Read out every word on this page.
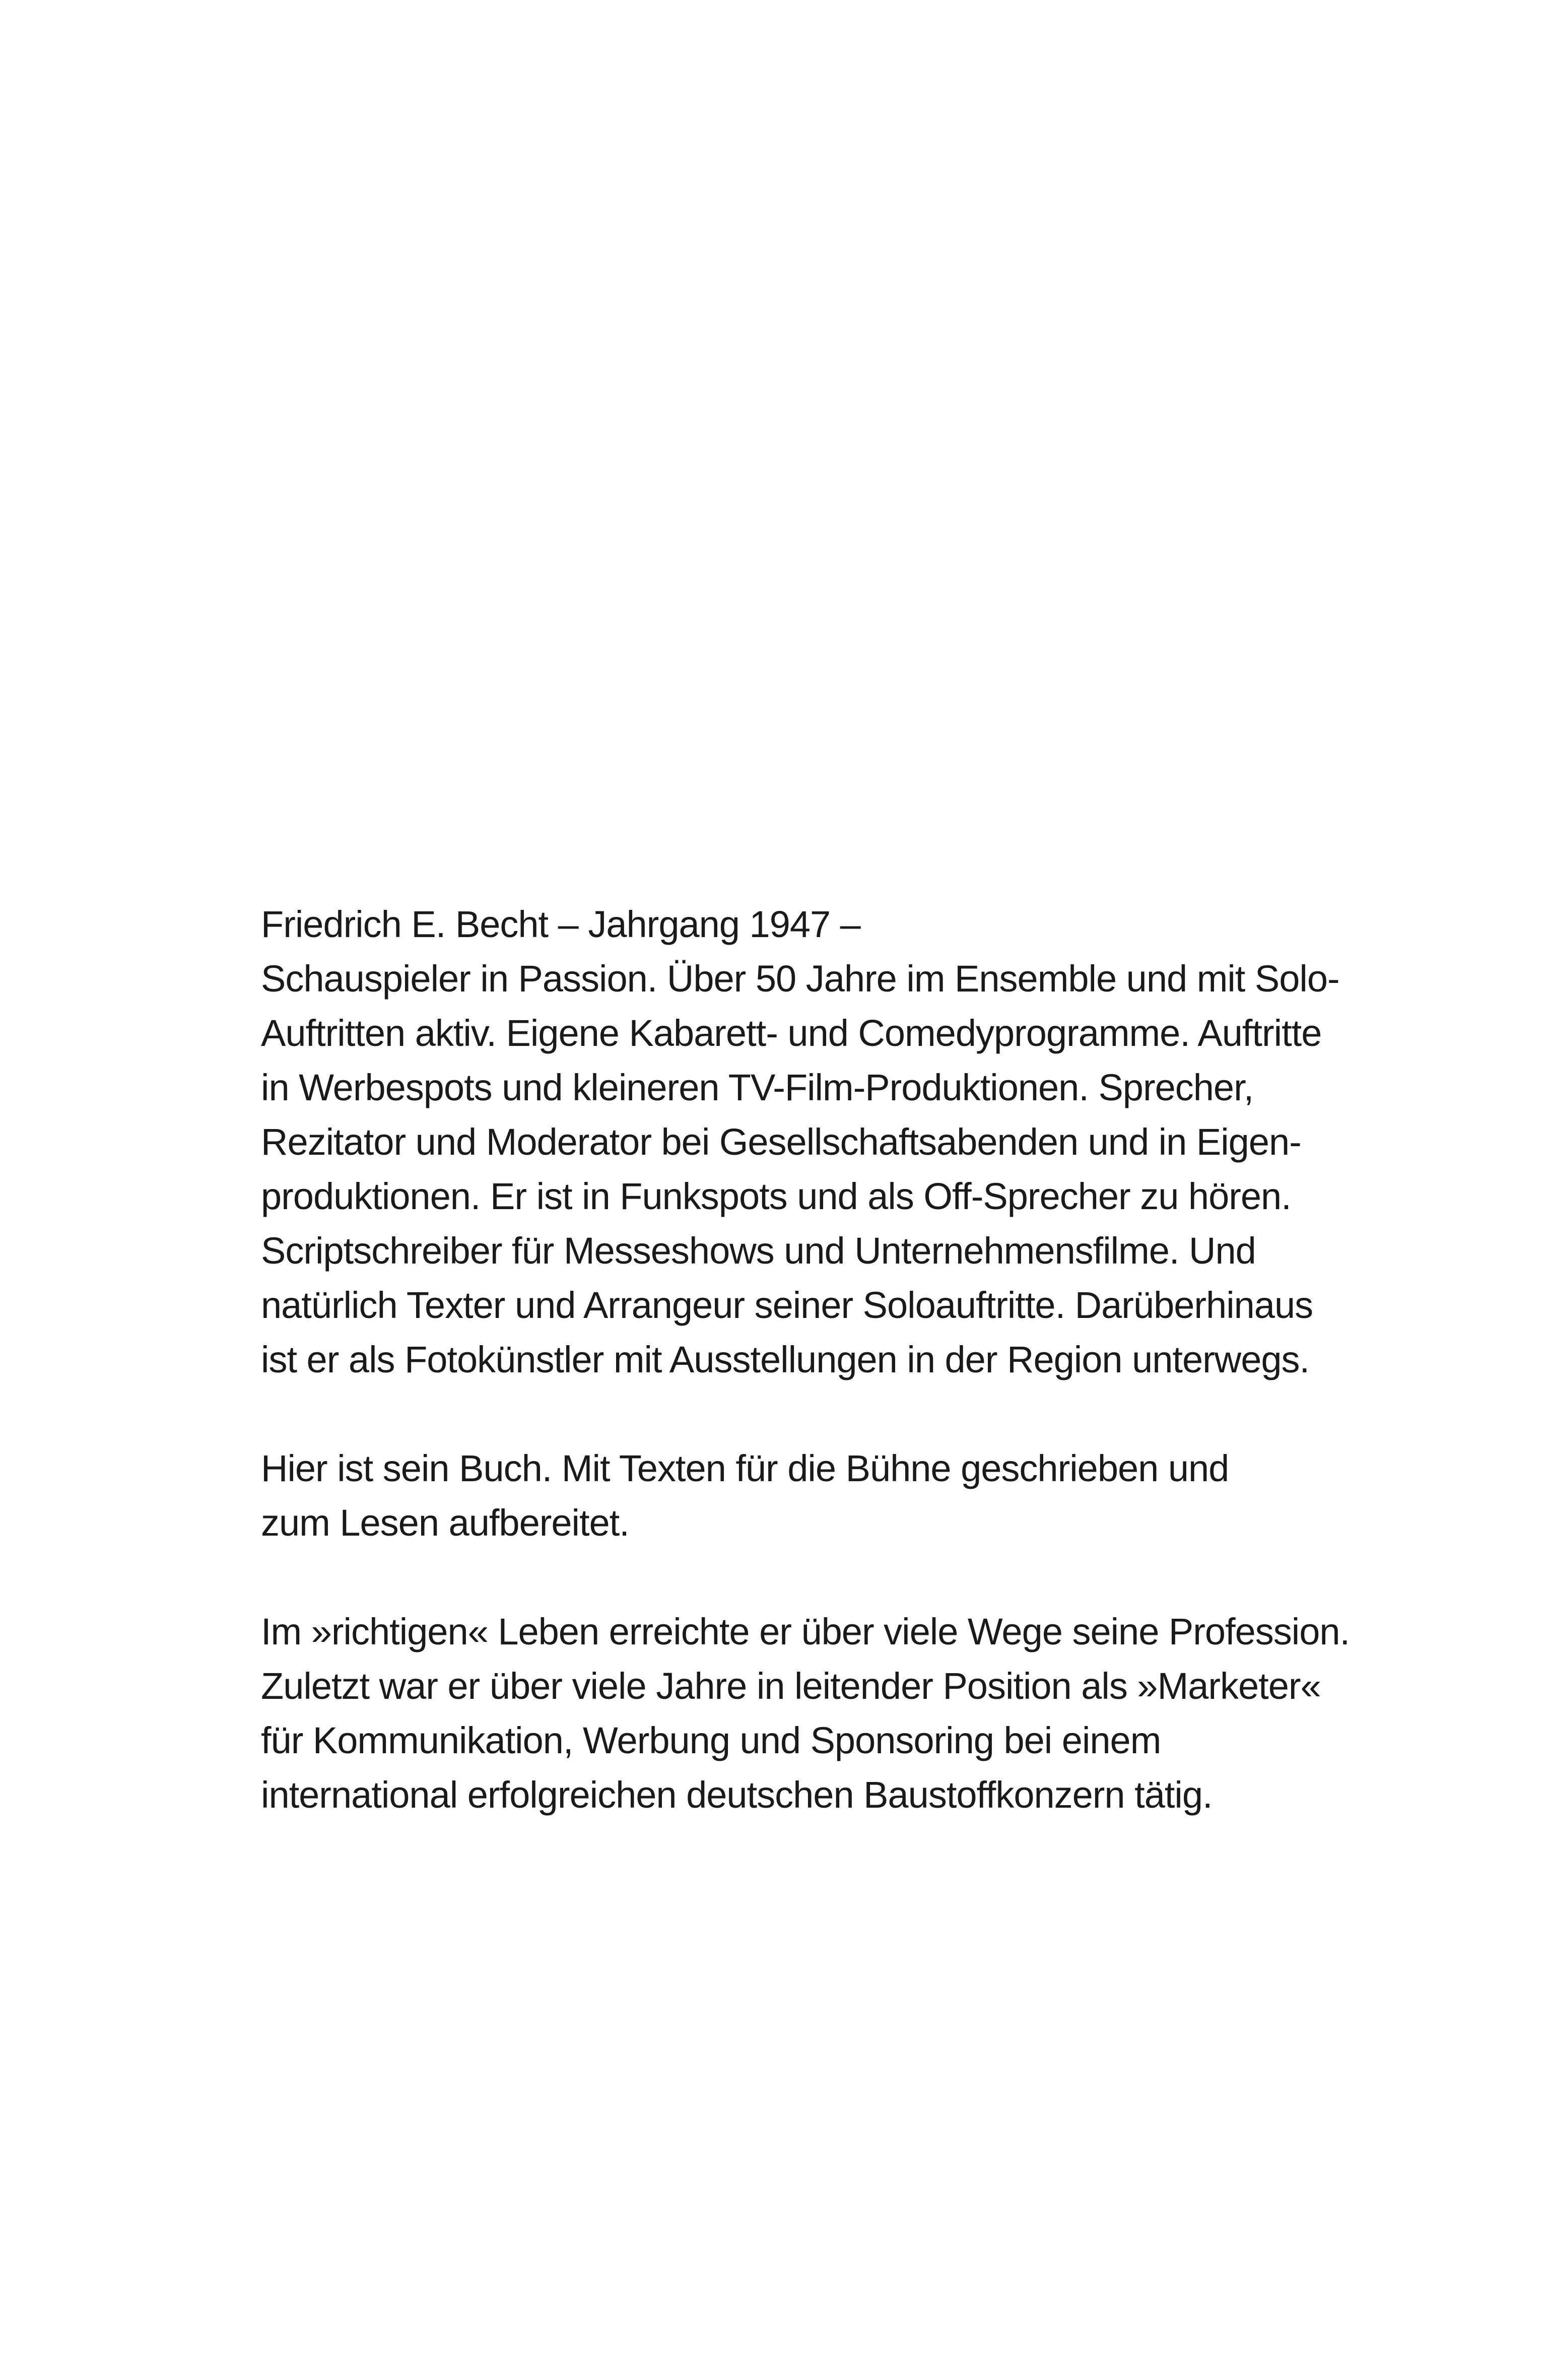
Friedrich E. Becht – Jahrgang 1947 –
Schauspieler in Passion. Über 50 Jahre im Ensemble und mit Solo-
Auftritten aktiv. Eigene Kabarett- und Comedyprogramme. Auftritte
in Werbespots und kleineren TV-Film-Produktionen. Sprecher,
Rezitator und Moderator bei Gesellschaftsabenden und in Eigen-
produktionen. Er ist in Funkspots und als Off-Sprecher zu hören.
Scriptschreiber für Messeshows und Unternehmensfilme. Und
natürlich Texter und Arrangeur seiner Soloauftritte. Darüberhinaus
ist er als Fotokünstler mit Ausstellungen in der Region unterwegs.
Hier ist sein Buch. Mit Texten für die Bühne geschrieben und
zum Lesen aufbereitet.
Im »richtigen« Leben erreichte er über viele Wege seine Profession.
Zuletzt war er über viele Jahre in leitender Position als »Marketer«
für Kommunikation, Werbung und Sponsoring bei einem
international erfolgreichen deutschen Baustoffkonzern tätig.
